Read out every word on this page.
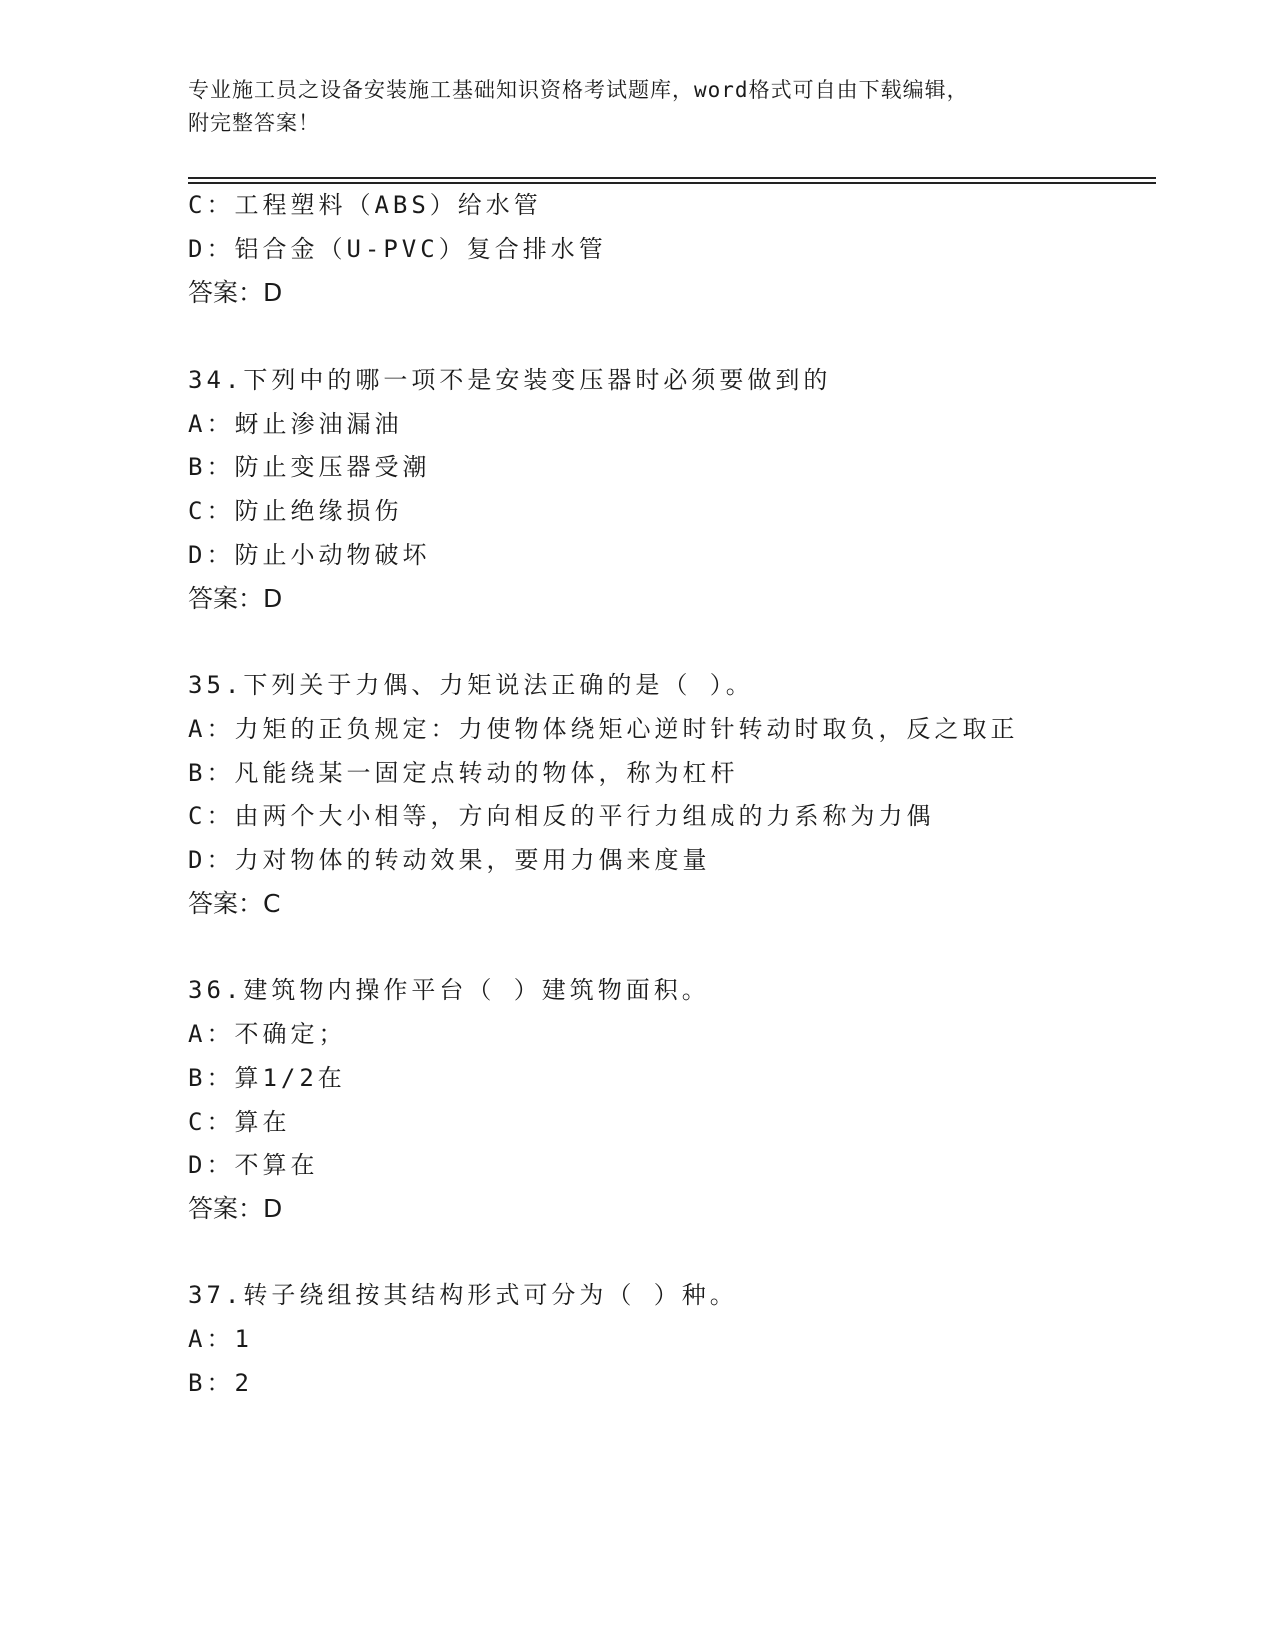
专业施工员之设备安装施工基础知识资格考试题库，word格式可自由下载编辑，
附完整答案！
C：工程塑料（ABS）给水管
D：铝合金（U-PVC）复合排水管
答案：D
34.下列中的哪一项不是安装变压器时必须要做到的
A：蚜止渗油漏油
B：防止变压器受潮
C：防止绝缘损伤
D：防止小动物破坏
答案：D
35.下列关于力偶、力矩说法正确的是（ ）。
A：力矩的正负规定：力使物体绕矩心逆时针转动时取负，反之取正
B：凡能绕某一固定点转动的物体，称为杠杆
C：由两个大小相等，方向相反的平行力组成的力系称为力偶
D：力对物体的转动效果，要用力偶来度量
答案：C
36.建筑物内操作平台（ ）建筑物面积。
A：不确定；
B：算1/2在
C：算在
D：不算在
答案：D
37.转子绕组按其结构形式可分为（ ）种。
A：1
B：2
